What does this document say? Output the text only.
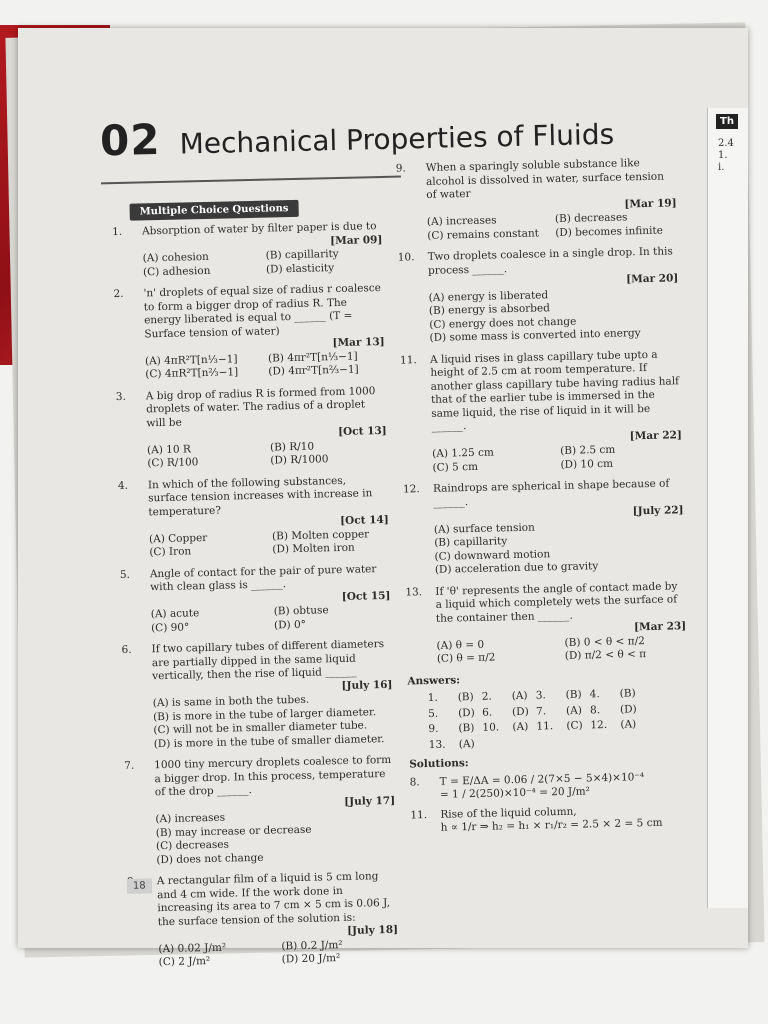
02 Mechanical Properties of Fluids
Multiple Choice Questions
1. Absorption of water by filter paper is due to
[Mar 09]
(A) cohesion	(B) capillarity
(C) adhesion	(D) elasticity
2. 'n' droplets of equal size of radius r coalesce to form a bigger drop of radius R. The energy liberated is equal to ______ (T = Surface tension of water)
[Mar 13]
(A) 4πR²T[n⅓−1]	(B) 4πr²T[n⅓−1]
(C) 4πR²T[n⅔−1]	(D) 4πr²T[n⅔−1]
3. A big drop of radius R is formed from 1000 droplets of water. The radius of a droplet will be
[Oct 13]
(A) 10 R	(B) R/10
(C) R/100	(D) R/1000
4. In which of the following substances, surface tension increases with increase in temperature?
[Oct 14]
(A) Copper	(B) Molten copper
(C) Iron	(D) Molten iron
5. Angle of contact for the pair of pure water with clean glass is ______.
[Oct 15]
(A) acute	(B) obtuse
(C) 90°	(D) 0°
6. If two capillary tubes of different diameters are partially dipped in the same liquid vertically, then the rise of liquid ______
[July 16]
(A) is same in both the tubes.
(B) is more in the tube of larger diameter.
(C) will not be in smaller diameter tube.
(D) is more in the tube of smaller diameter.
7. 1000 tiny mercury droplets coalesce to form a bigger drop. In this process, temperature of the drop ______.
[July 17]
(A) increases
(B) may increase or decrease
(C) decreases
(D) does not change
A rectangular film of a liquid is 5 cm long and 4 cm wide. If the work done in increasing its area to 7 cm × 5 cm is 0.06 J, the surface tension of the solution is:
[July 18]
(A) 0.02 J/m²	(B) 0.2 J/m²
(C) 2 J/m²	(D) 20 J/m²
9. When a sparingly soluble substance like alcohol is dissolved in water, surface tension of water
[Mar 19]
(A) increases	(B) decreases
(C) remains constant	(D) becomes infinite
10. Two droplets coalesce in a single drop. In this process ______.
[Mar 20]
(A) energy is liberated
(B) energy is absorbed
(C) energy does not change
(D) some mass is converted into energy
11. A liquid rises in glass capillary tube upto a height of 2.5 cm at room temperature. If another glass capillary tube having radius half that of the earlier tube is immersed in the same liquid, the rise of liquid in it will be ______.
[Mar 22]
(A) 1.25 cm	(B) 2.5 cm
(C) 5 cm	(D) 10 cm
12. Raindrops are spherical in shape because of ______.
[July 22]
(A) surface tension
(B) capillarity
(C) downward motion
(D) acceleration due to gravity
13. If 'θ' represents the angle of contact made by a liquid which completely wets the surface of the container then ______.
[Mar 23]
(A) θ = 0	(B) 0 < θ < π/2
(C) θ = π/2	(D) π/2 < θ < π
Answers:
1.	(B) 2.	(A) 3.	(B) 4.	(B)
5.	(D) 6.	(D) 7.	(A) 8.	(D)
9.	(B) 10.	(A) 11.	(C) 12.	(A)
13.	(A)
Solutions:
8. T = E/ΔA = 0.06 / 2(7×5 − 5×4)×10⁻⁴
= 1 / 2(250)×10⁻⁴ = 20 J/m²
11. Rise of the liquid column,
h ∝ 1/r ⇒ h₂ = h₁ × r₁/r₂ = 2.5 × 2 = 5 cm
18
Th
2.4
1.
i.
